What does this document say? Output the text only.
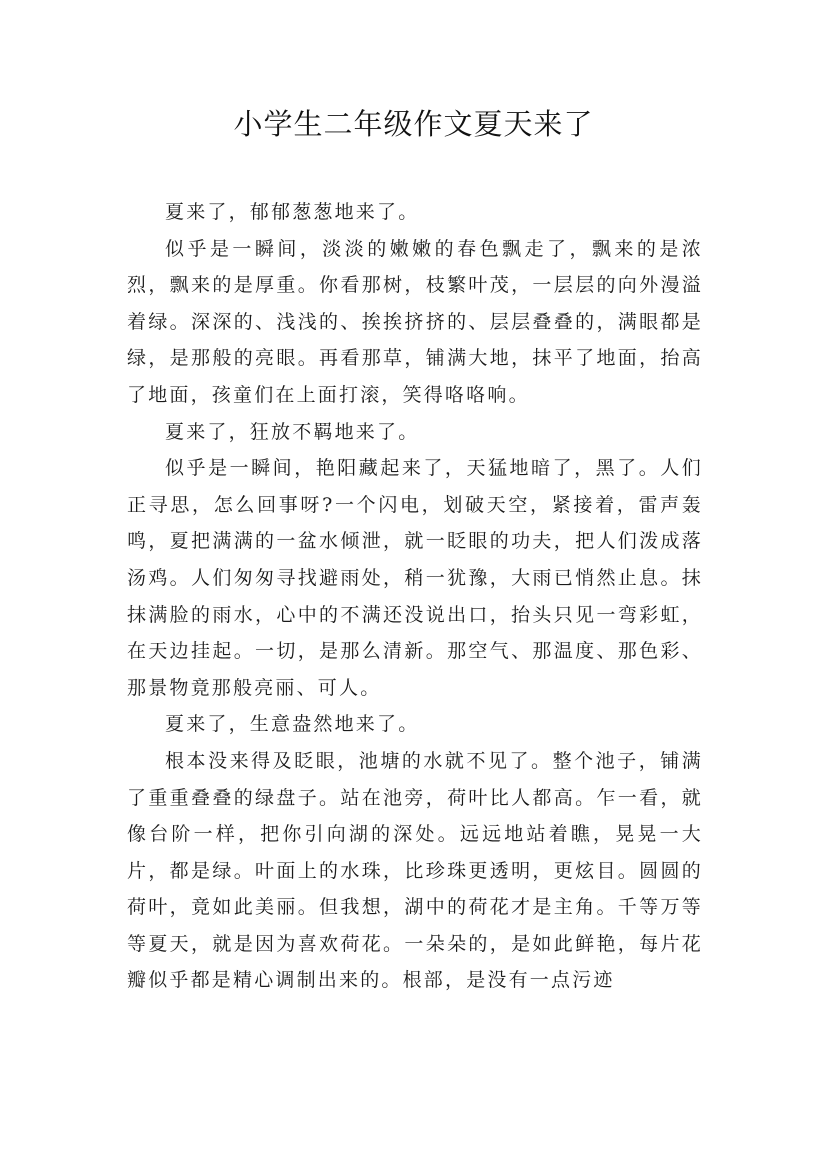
小学生二年级作文夏天来了

夏来了，郁郁葱葱地来了。

似乎是一瞬间，淡淡的嫩嫩的春色飘走了，飘来的是浓烈，飘来的是厚重。你看那树，枝繁叶茂，一层层的向外漫溢着绿。深深的、浅浅的、挨挨挤挤的、层层叠叠的，满眼都是绿，是那般的亮眼。再看那草，铺满大地，抹平了地面，抬高了地面，孩童们在上面打滚，笑得咯咯响。

夏来了，狂放不羁地来了。

似乎是一瞬间，艳阳藏起来了，天猛地暗了，黑了。人们正寻思，怎么回事呀?一个闪电，划破天空，紧接着，雷声轰鸣，夏把满满的一盆水倾泄，就一眨眼的功夫，把人们泼成落汤鸡。人们匆匆寻找避雨处，稍一犹豫，大雨已悄然止息。抹抹满脸的雨水，心中的不满还没说出口，抬头只见一弯彩虹，在天边挂起。一切，是那么清新。那空气、那温度、那色彩、那景物竟那般亮丽、可人。

夏来了，生意盎然地来了。

根本没来得及眨眼，池塘的水就不见了。整个池子，铺满了重重叠叠的绿盘子。站在池旁，荷叶比人都高。乍一看，就像台阶一样，把你引向湖的深处。远远地站着瞧，晃晃一大片，都是绿。叶面上的水珠，比珍珠更透明，更炫目。圆圆的荷叶，竟如此美丽。但我想，湖中的荷花才是主角。千等万等等夏天，就是因为喜欢荷花。一朵朵的，是如此鲜艳，每片花瓣似乎都是精心调制出来的。根部，是没有一点污迹
